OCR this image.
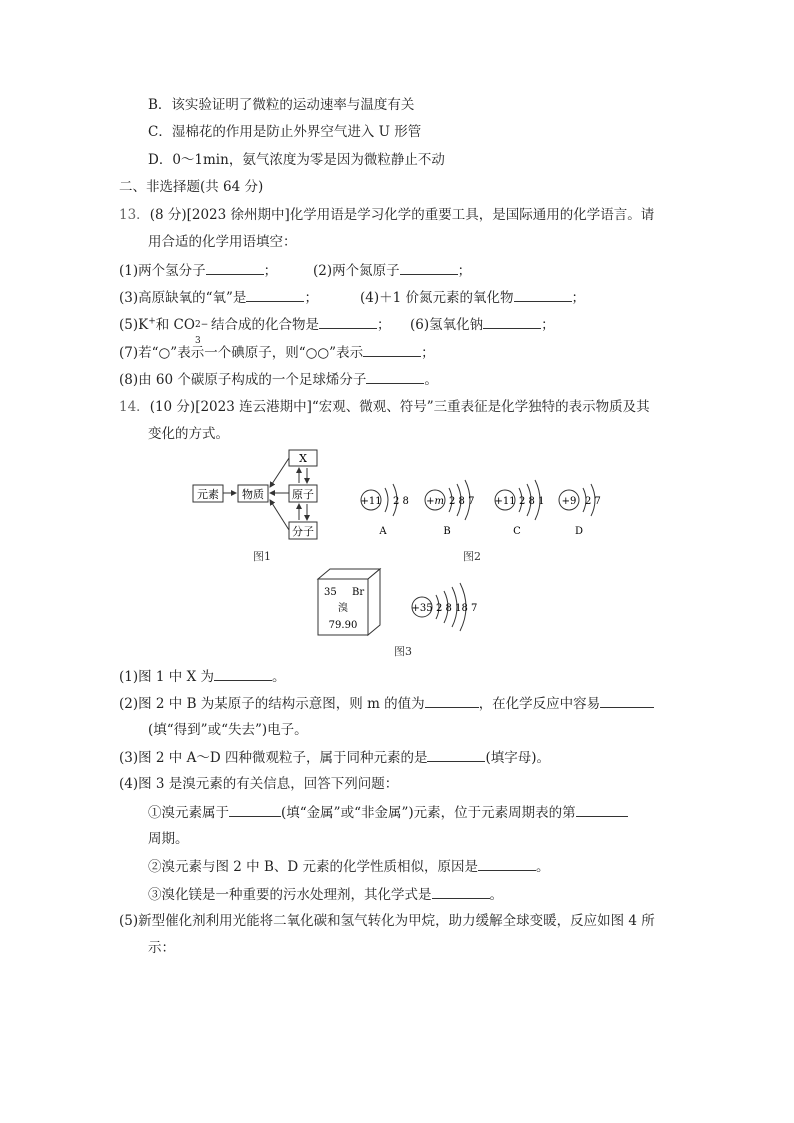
B．该实验证明了微粒的运动速率与温度有关
C．湿棉花的作用是防止外界空气进入 U 形管
D．0～1min，氨气浓度为零是因为微粒静止不动
二、非选择题(共 64 分)
13．(8 分)[2023 徐州期中]化学用语是学习化学的重要工具，是国际通用的化学语言。请
用合适的化学用语填空：
(1)两个氢分子	；	(2)两个氮原子	；
(3)高原缺氧的“氧”是	；	(4)＋1 价氮元素的氧化物	；
(5)K+和 CO 2−
3
结合成的化合物是	； (6)氢氧化钠	；
(7)若“○”表示一个碘原子，则“○○”表示	；
(8)由 60 个碳原子构成的一个足球烯分子	。
14．(10 分)[2023 连云港期中]“宏观、微观、符号”三重表征是化学独特的表示物质及其
变化的方式。
元素 物质
X
原子
分子
图1
+11 2 8
A
+m 2 8 7
B
+11 2 8 1
C
+9 2 7
D
图2
35 Br
溴
79.90
+35 2 8 18 7
图3
(1)图 1 中 X 为	。
(2)图 2 中 B 为某原子的结构示意图，则 m 的值为	，在化学反应中容易
(填“得到”或“失去”)电子。
(3)图 2 中 A～D 四种微观粒子，属于同种元素的是	(填字母)。
(4)图 3 是溴元素的有关信息，回答下列问题：
①溴元素属于	(填“金属”或“非金属”)元素，位于元素周期表的第
周期。
②溴元素与图 2 中 B、D 元素的化学性质相似，原因是	。
③溴化镁是一种重要的污水处理剂，其化学式是	。
(5)新型催化剂利用光能将二氧化碳和氢气转化为甲烷，助力缓解全球变暖，反应如图 4 所
示：
